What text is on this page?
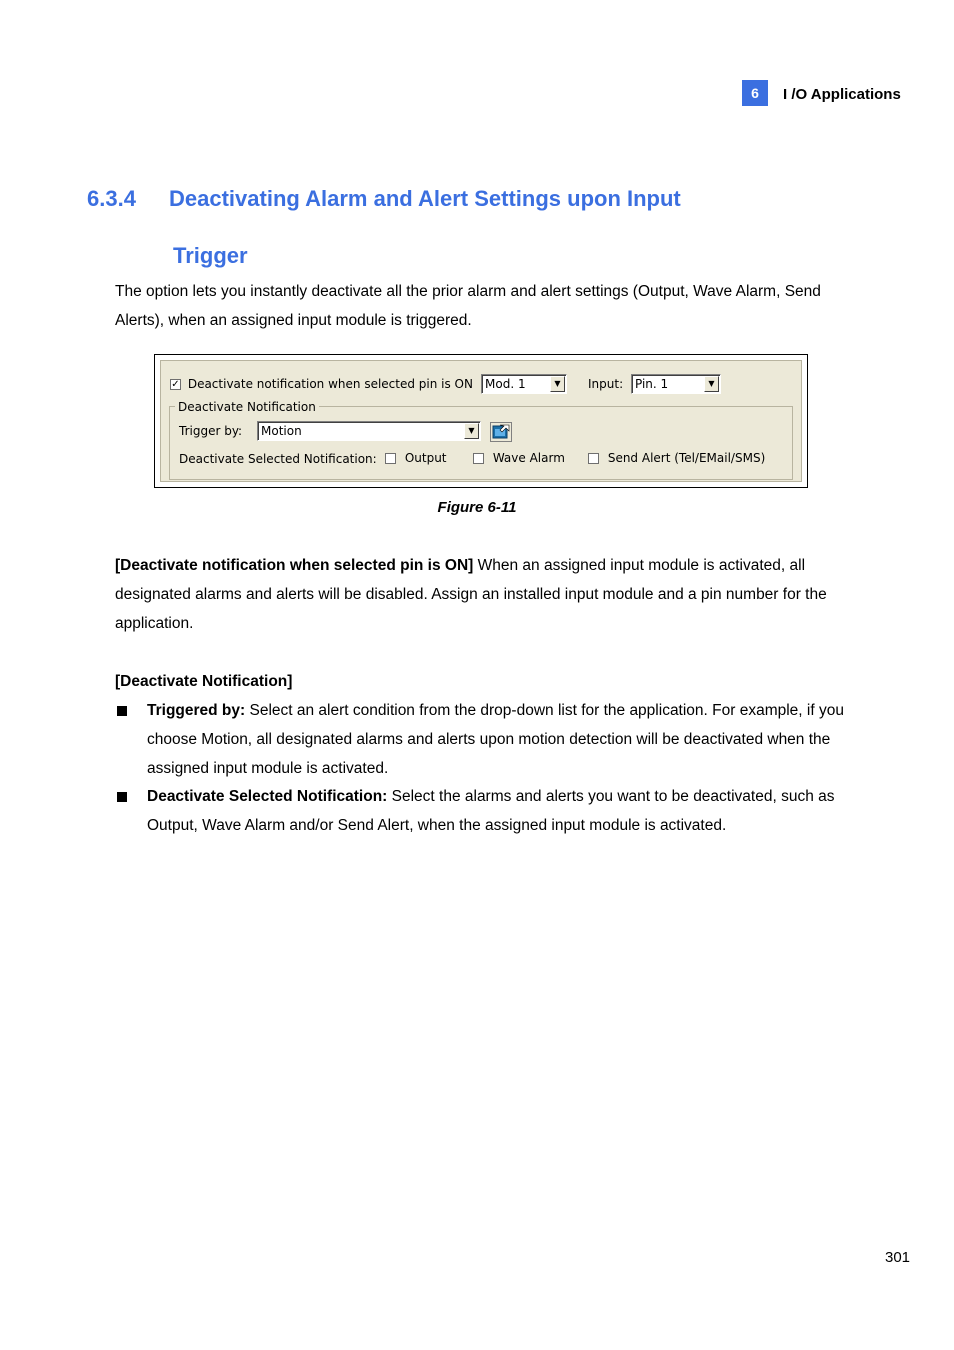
6	I /O Applications
6.3.4 Deactivating Alarm and Alert Settings upon Input
Trigger
The option lets you instantly deactivate all the prior alarm and alert settings (Output, Wave Alarm, Send Alerts), when an assigned input module is triggered.
✓ Deactivate notification when selected pin is ON	Mod. 1	▼	Input: Pin. 1	▼
Deactivate Notification
Trigger by:	Motion	▼
Deactivate Selected Notification:	Output	Wave Alarm	Send Alert (Tel/EMail/SMS)
Figure 6-11
[Deactivate notification when selected pin is ON] When an assigned input module is activated, all designated alarms and alerts will be disabled. Assign an installed input module and a pin number for the application.
[Deactivate Notification]
Triggered by: Select an alert condition from the drop-down list for the application. For example, if you choose Motion, all designated alarms and alerts upon motion detection will be deactivated when the assigned input module is activated.
Deactivate Selected Notification: Select the alarms and alerts you want to be deactivated, such as Output, Wave Alarm and/or Send Alert, when the assigned input module is activated.
301
